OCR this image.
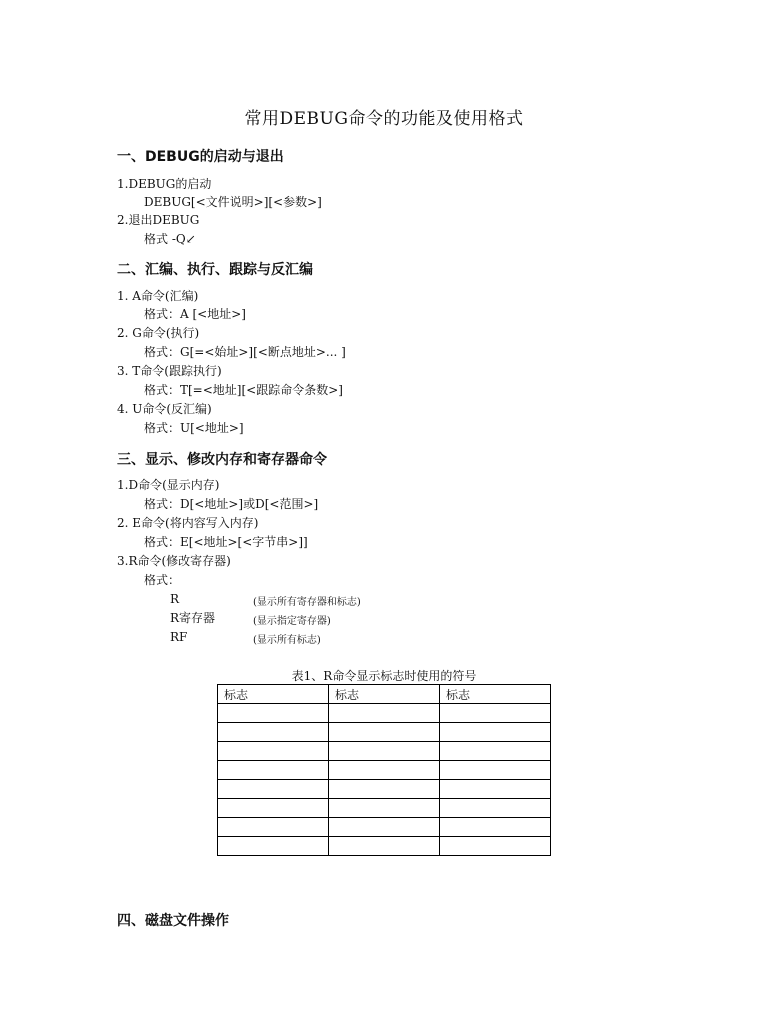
常用DEBUG命令的功能及使用格式
一、DEBUG的启动与退出
1.DEBUG的启动
DEBUG[<文件说明>][<参数>]
2.退出DEBUG
格式 -Q↙
二、汇编、执行、跟踪与反汇编
1. A命令(汇编)
格式：A [<地址>]
2. G命令(执行)
格式：G[=<始址>][<断点地址>... ]
3. T命令(跟踪执行)
格式：T[=<地址][<跟踪命令条数>]
4. U命令(反汇编)
格式：U[<地址>]
三、显示、修改内存和寄存器命令
1.D命令(显示内存)
格式：D[<地址>]或D[<范围>]
2. E命令(将内容写入内存)
格式：E[<地址>[<字节串>]]
3.R命令(修改寄存器)
格式：
R	(显示所有寄存器和标志)
R寄存器	(显示指定寄存器)
RF	(显示所有标志)
表1、R命令显示标志时使用的符号
标志	标志	标志

四、磁盘文件操作
